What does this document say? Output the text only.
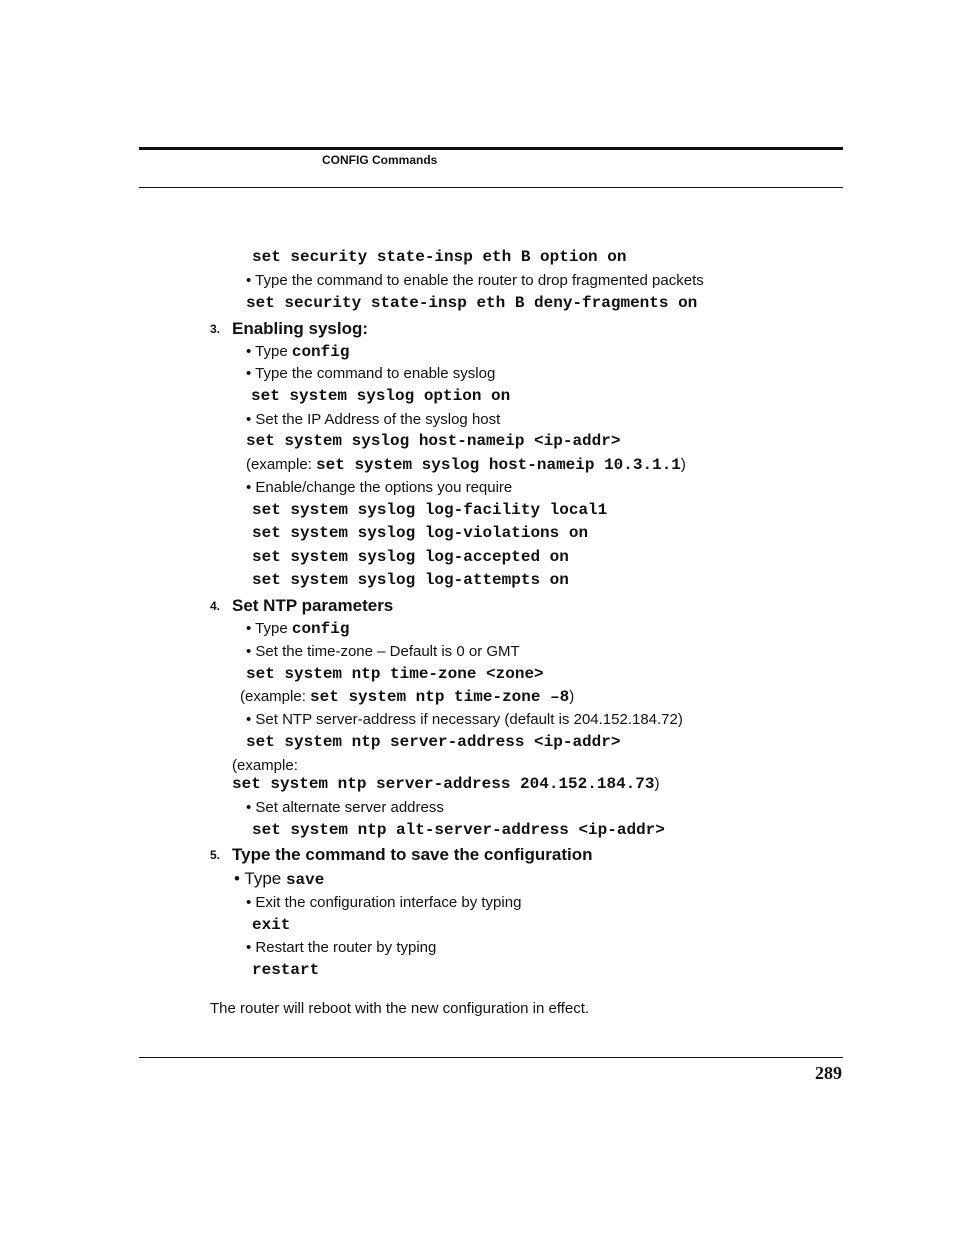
CONFIG Commands
set security state-insp eth B option on
• Type the command to enable the router to drop fragmented packets
set security state-insp eth B deny-fragments on
3. Enabling syslog:
• Type config
• Type the command to enable syslog
set system syslog option on
• Set the IP Address of the syslog host
set system syslog host-nameip <ip-addr>
(example: set system syslog host-nameip 10.3.1.1)
• Enable/change the options you require
set system syslog log-facility local1
set system syslog log-violations on
set system syslog log-accepted on
set system syslog log-attempts on
4. Set NTP parameters
• Type config
• Set the time-zone – Default is 0 or GMT
set system ntp time-zone <zone>
(example: set system ntp time-zone –8)
• Set NTP server-address if necessary (default is 204.152.184.72)
set system ntp server-address <ip-addr>
(example:
set system ntp server-address 204.152.184.73)
• Set alternate server address
set system ntp alt-server-address <ip-addr>
5. Type the command to save the configuration
• Type save
• Exit the configuration interface by typing
exit
• Restart the router by typing
restart
The router will reboot with the new configuration in effect.
289
